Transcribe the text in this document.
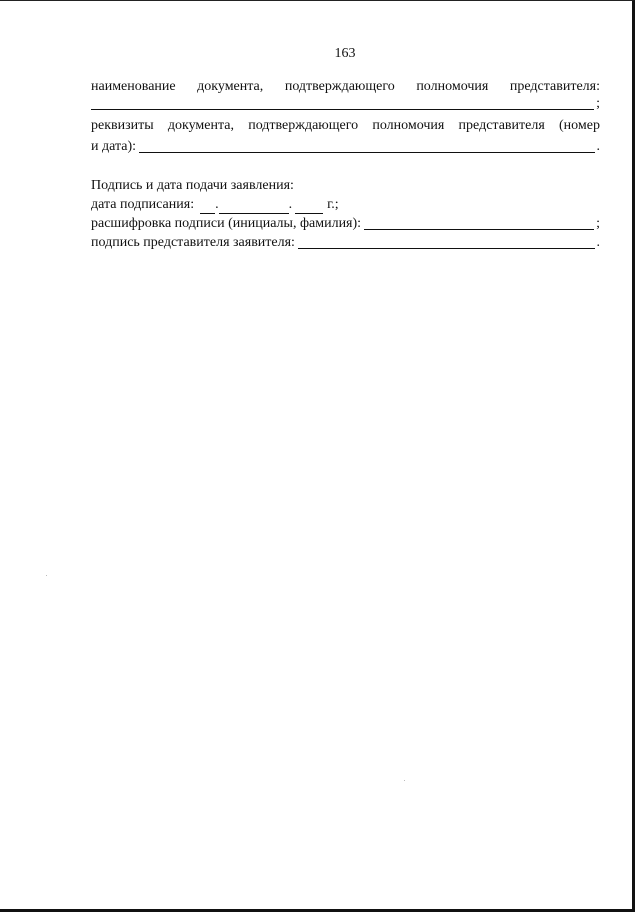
163
наименование документа, подтверждающего полномочия представителя:
;
реквизиты документа, подтверждающего полномочия представителя (номер
и дата):	.
Подпись и дата подачи заявления:
дата подписания: .	.	г.;
расшифровка подписи (инициалы, фамилия):	;
подпись представителя заявителя:	.
